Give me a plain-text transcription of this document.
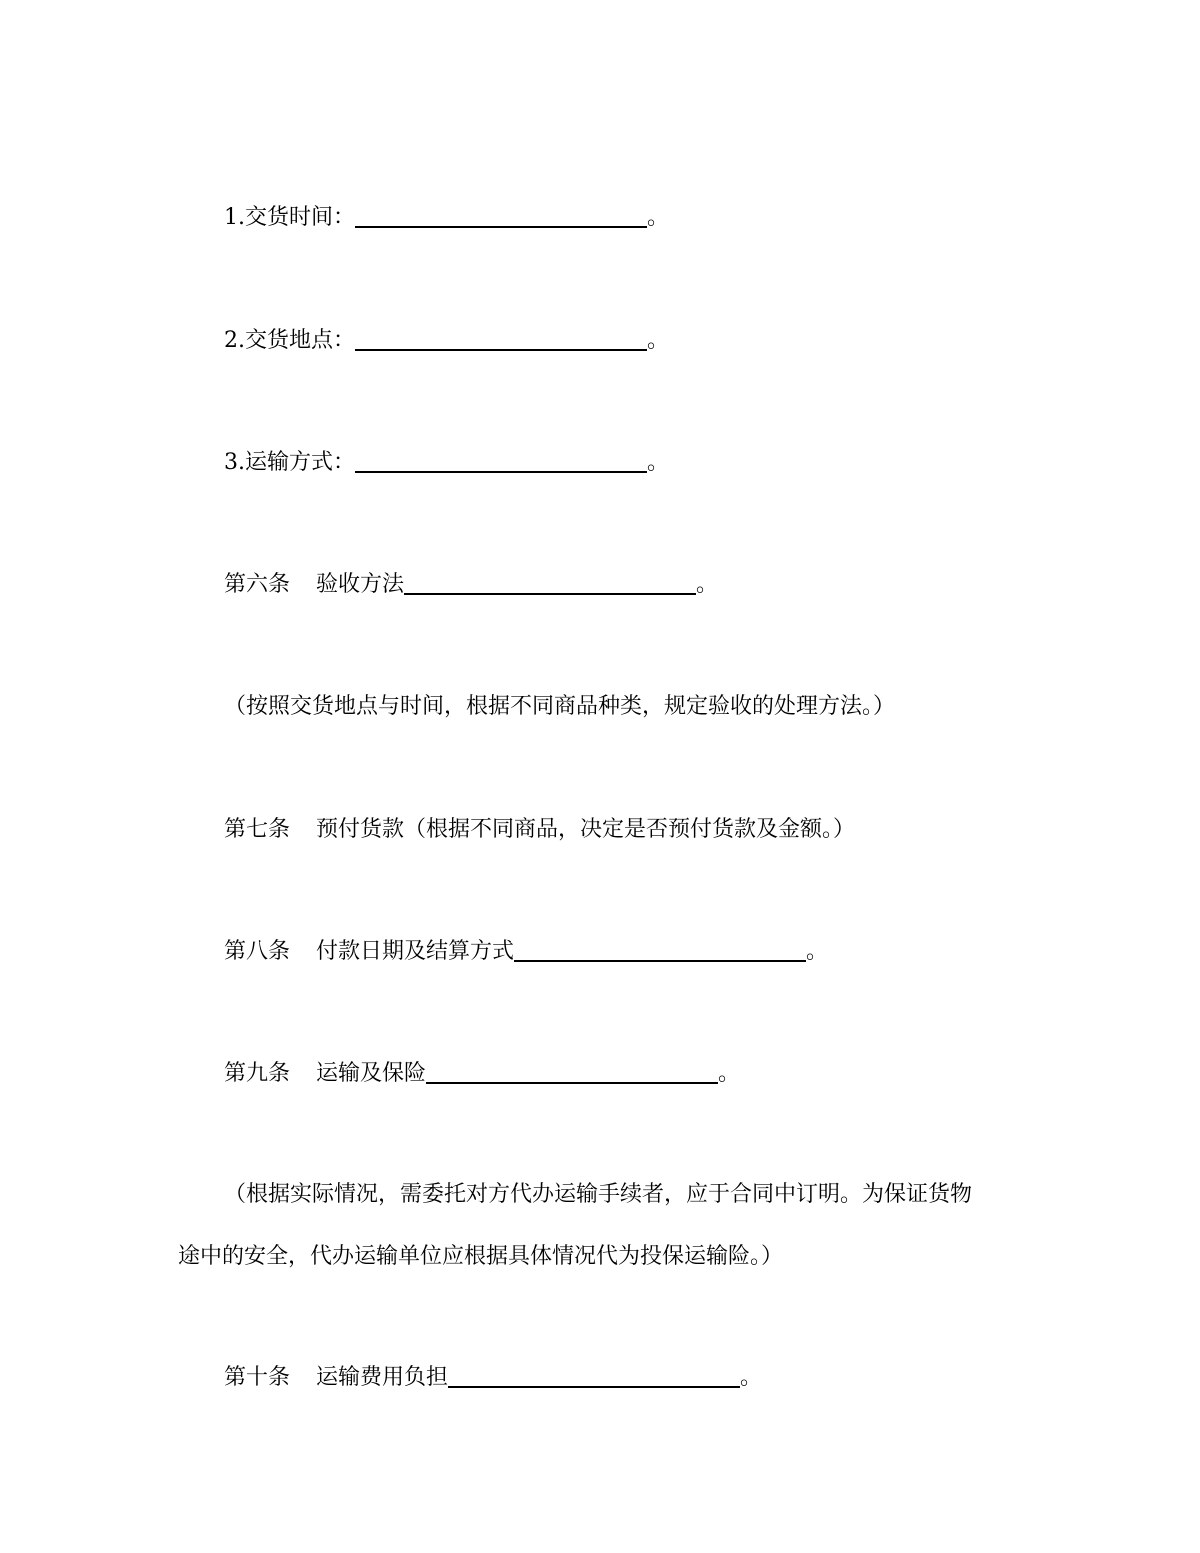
1.交货时间：	。
2.交货地点：	。
3.运输方式：	。
第六条 验收方法	。
（按照交货地点与时间，根据不同商品种类，规定验收的处理方法。）
第七条 预付货款（根据不同商品，决定是否预付货款及金额。）
第八条 付款日期及结算方式	。
第九条 运输及保险	。
（根据实际情况，需委托对方代办运输手续者，应于合同中订明。为保证货物
途中的安全，代办运输单位应根据具体情况代为投保运输险。）
第十条 运输费用负担	。
